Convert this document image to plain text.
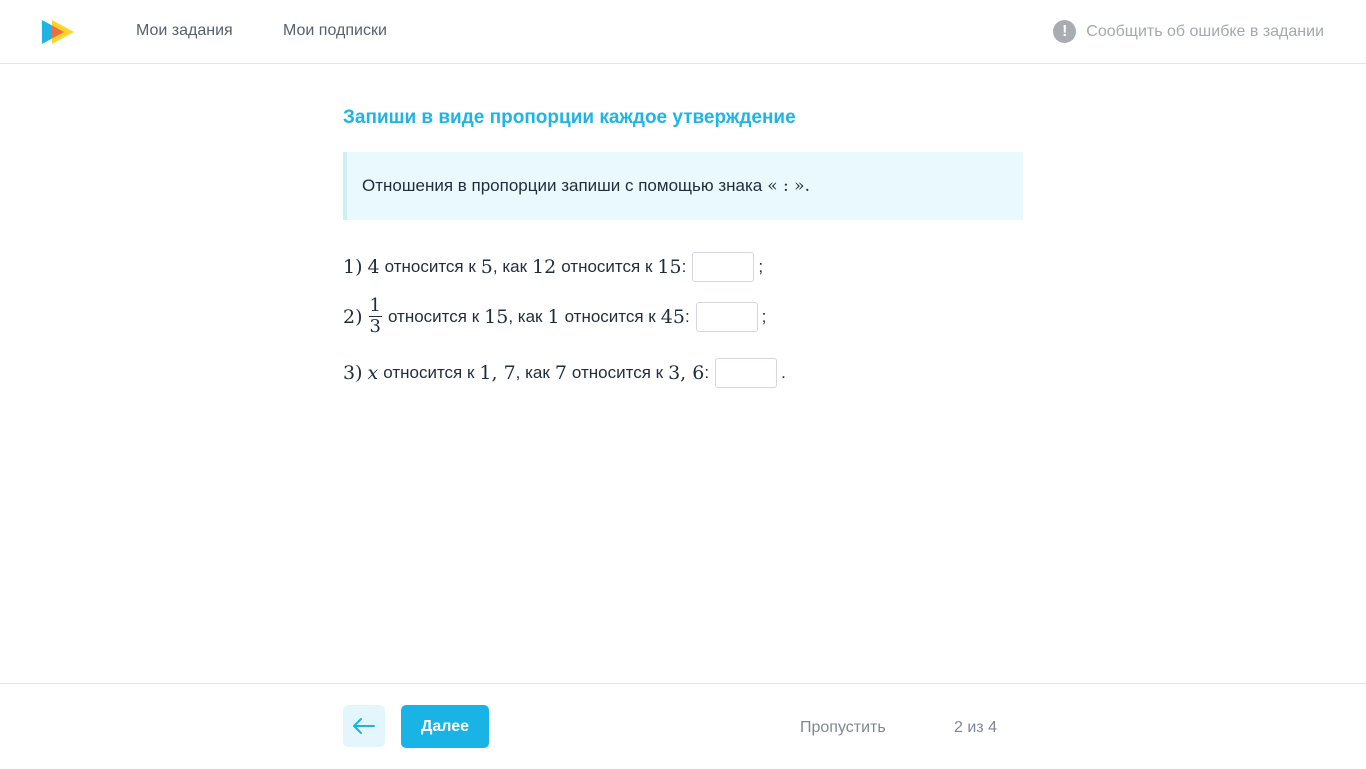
Мои задания	Мои подписки	!	Сообщить об ошибке в задании
Запиши в виде пропорции каждое утверждение
Отношения в пропорции запиши с помощью знака « : ».
1) 4 относится к 5 , как 12 относится к 15 :	;
$2) \frac{1}{3}$ относится к 15 , как 1 относится к 45 :	;
3) x относится к 1, 7 , как 7 относится к 3, 6 :	.
Далее	Пропустить	2 из 4
